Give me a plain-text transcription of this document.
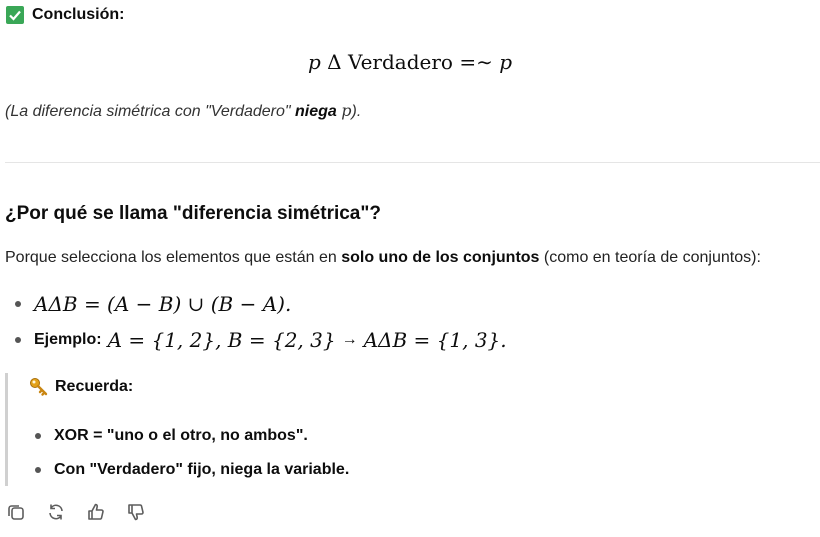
Conclusión:
p Δ Verdadero =∼ p
(La diferencia simétrica con "Verdadero" niega p).
¿Por qué se llama "diferencia simétrica"?
Porque selecciona los elementos que están en solo uno de los conjuntos (como en teoría de conjuntos):
AΔB = (A − B) ∪ (B − A).
Ejemplo: A = {1, 2}, B = {2, 3} → AΔB = {1, 3}.
Recuerda:
XOR = "uno o el otro, no ambos".
Con "Verdadero" fijo, niega la variable.
